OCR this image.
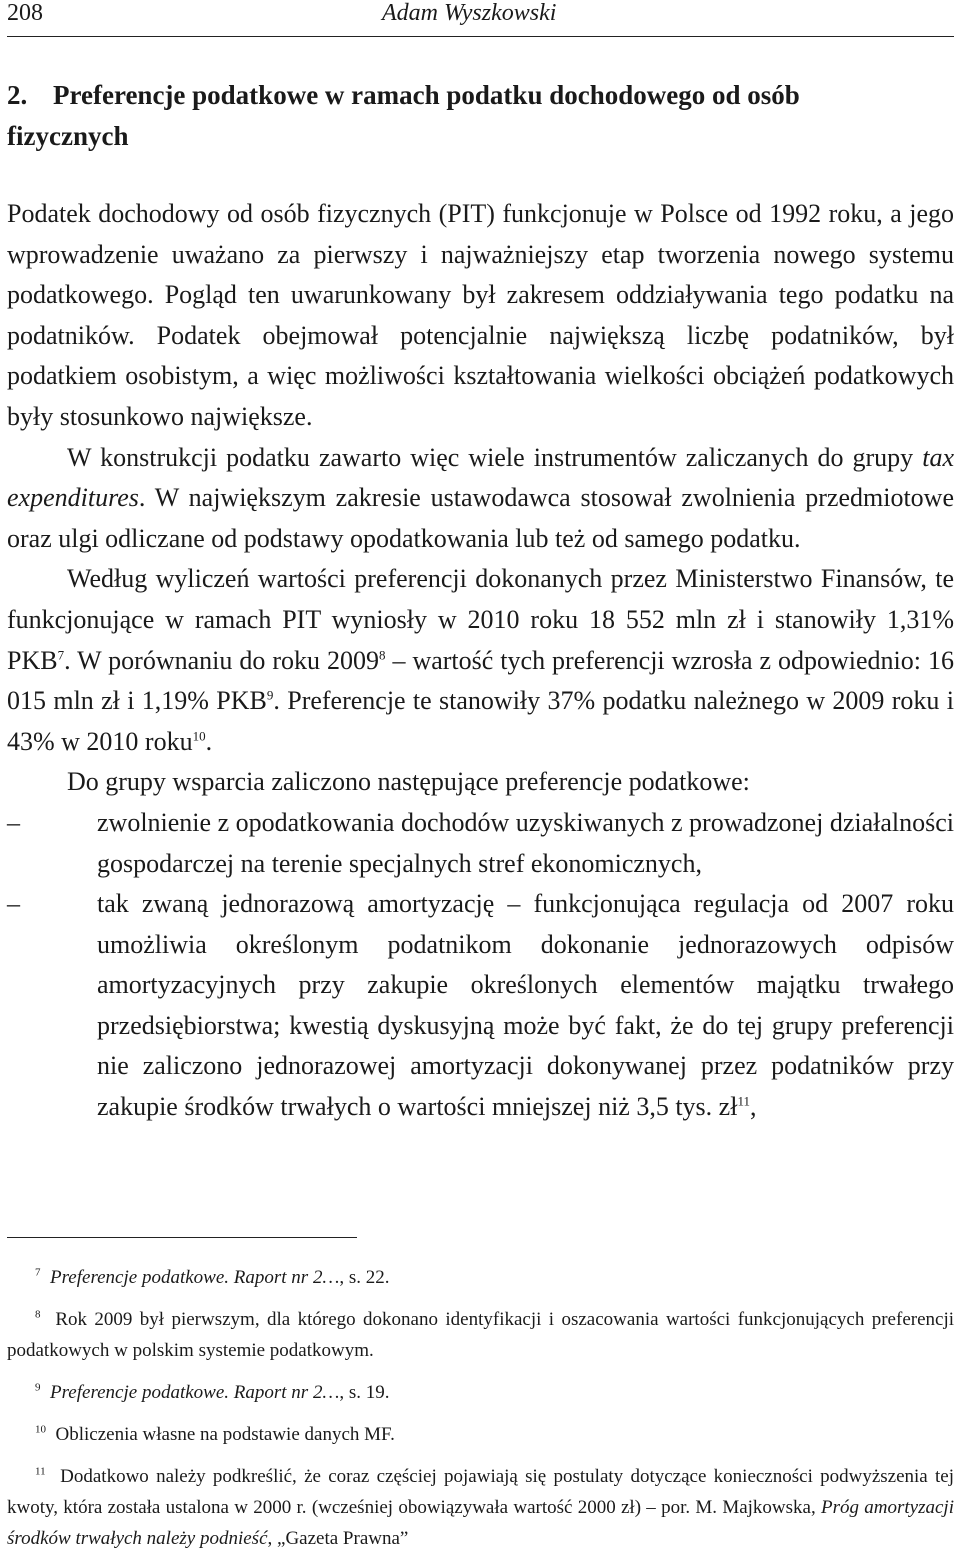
208	Adam Wyszkowski
2. Preferencje podatkowe w ramach podatku dochodowego od osób fizycznych

Podatek dochodowy od osób fizycznych (PIT) funkcjonuje w Polsce od 1992 roku, a jego wprowadzenie uważano za pierwszy i najważniejszy etap tworzenia nowego systemu podatkowego. Pogląd ten uwarunkowany był zakresem oddziaływania tego podatku na podatników. Podatek obejmował potencjalnie największą liczbę podatników, był podatkiem osobistym, a więc możliwości kształtowania wielkości obciążeń podatkowych były stosunkowo największe.

W konstrukcji podatku zawarto więc wiele instrumentów zaliczanych do grupy tax expenditures. W największym zakresie ustawodawca stosował zwolnienia przedmiotowe oraz ulgi odliczane od podstawy opodatkowania lub też od samego podatku.

Według wyliczeń wartości preferencji dokonanych przez Ministerstwo Finansów, te funkcjonujące w ramach PIT wyniosły w 2010 roku 18 552 mln zł i stanowiły 1,31% PKB$^7$. W porównaniu do roku 2009$^8$ – wartość tych preferencji wzrosła z odpowiednio: 16 015 mln zł i 1,19% PKB$^9$. Preferencje te stanowiły 37% podatku należnego w 2009 roku i 43% w 2010 roku$^{10}$.

Do grupy wsparcia zaliczono następujące preferencje podatkowe:

–	zwolnienie z opodatkowania dochodów uzyskiwanych z prowadzonej działalności gospodarczej na terenie specjalnych stref ekonomicznych,
–	tak zwaną jednorazową amortyzację – funkcjonująca regulacja od 2007 roku umożliwia określonym podatnikom dokonanie jednorazowych odpisów amortyzacyjnych przy zakupie określonych elementów majątku trwałego przedsiębiorstwa; kwestią dyskusyjną może być fakt, że do tej grupy preferencji nie zaliczono jednorazowej amortyzacji dokonywanej przez podatników przy zakupie środków trwałych o wartości mniejszej niż 3,5 tys. $zł^{11}$,

$^7$ Preferencje podatkowe. Raport nr 2…, s. 22.

$^8$ Rok 2009 był pierwszym, dla którego dokonano identyfikacji i oszacowania wartości funkcjonujących preferencji podatkowych w polskim systemie podatkowym.

$^9$ Preferencje podatkowe. Raport nr 2…, s. 19.

$^{10}$ Obliczenia własne na podstawie danych MF.

$^{11}$ Dodatkowo należy podkreślić, że coraz częściej pojawiają się postulaty dotyczące konieczności podwyższenia tej kwoty, która została ustalona w 2000 r. (wcześniej obowiązywała wartość 2000 zł) – por. M. Majkowska, Próg amortyzacji środków trwałych należy podnieść, „Gazeta Prawna”
